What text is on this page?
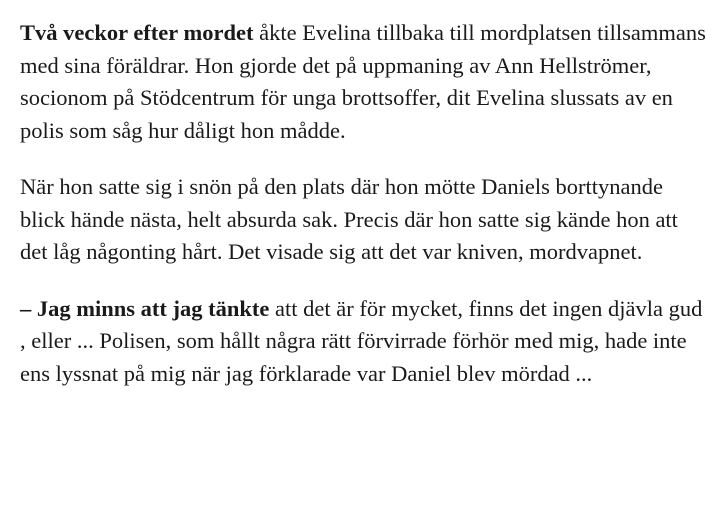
Två veckor efter mordet åkte Evelina tillbaka till mordplatsen tillsammans med sina föräldrar. Hon gjorde det på uppmaning av Ann Hellströmer, socionom på Stödcentrum för unga brottsoffer, dit Evelina slussats av en polis som såg hur dåligt hon mådde.

När hon satte sig i snön på den plats där hon mötte Daniels borttynande blick hände nästa, helt absurda sak. Precis där hon satte sig kände hon att det låg någonting hårt. Det visade sig att det var kniven, mordvapnet.

– Jag minns att jag tänkte att det är för mycket, finns det ingen djävla gud , eller ... Polisen, som hållt några rätt förvirrade förhör med mig, hade inte ens lyssnat på mig när jag förklarade var Daniel blev mördad ...
